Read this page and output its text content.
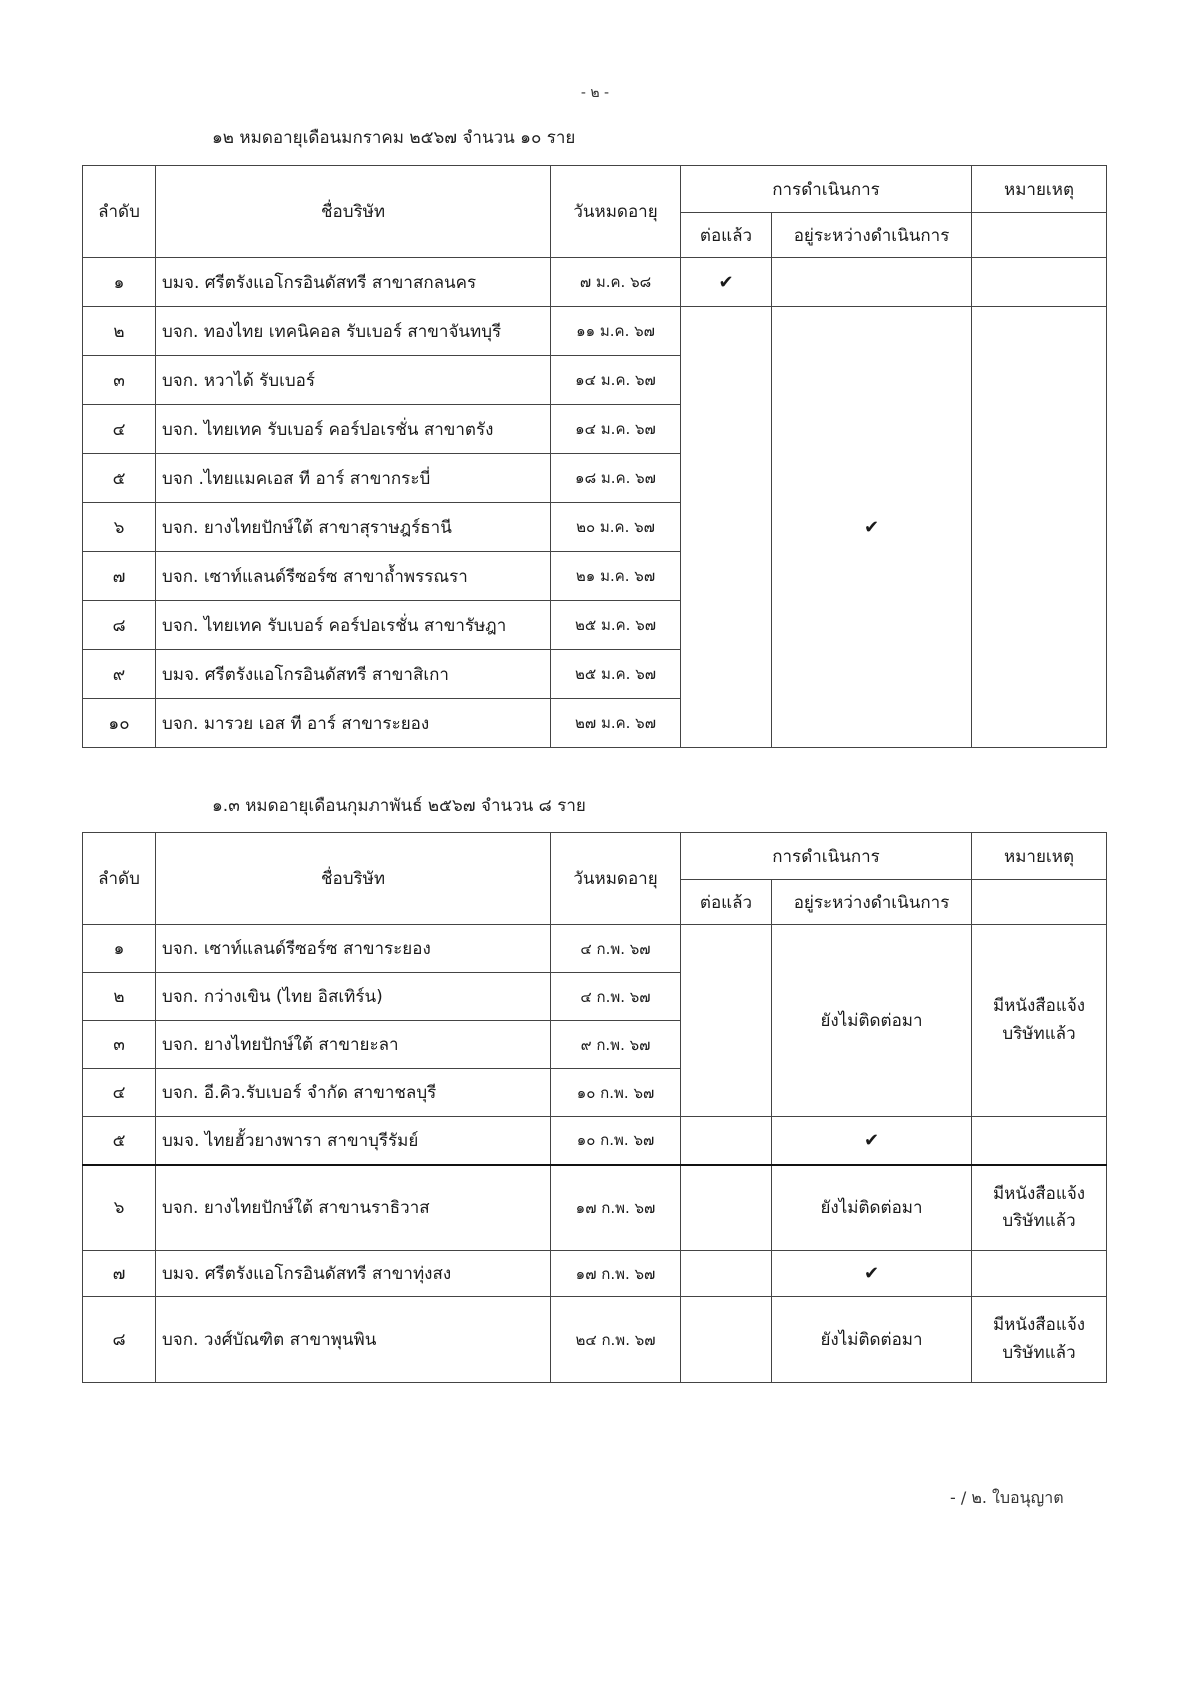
- ๒ -
๑๒ หมดอายุเดือนมกราคม ๒๕๖๗ จำนวน ๑๐ ราย
ลำดับ	ชื่อบริษัท	วันหมดอายุ	การดำเนินการ		หมายเหตุ
			ต่อแล้ว	อยู่ระหว่างดำเนินการ	
๑	บมจ. ศรีตรังแอโกรอินดัสทรี สาขาสกลนคร	๗ ม.ค. ๖๘	✔		
๒	บจก. ทองไทย เทคนิคอล รับเบอร์ สาขาจันทบุรี	๑๑ ม.ค. ๖๗		✔	
๓	บจก. หวาได้ รับเบอร์	๑๔ ม.ค. ๖๗			
๔	บจก. ไทยเทค รับเบอร์ คอร์ปอเรชั่น สาขาตรัง	๑๔ ม.ค. ๖๗			
๕	บจก .ไทยแมคเอส ที อาร์ สาขากระบี่	๑๘ ม.ค. ๖๗			
๖	บจก. ยางไทยปักษ์ใต้ สาขาสุราษฎร์ธานี	๒๐ ม.ค. ๖๗			
๗	บจก. เซาท์แลนด์รีซอร์ซ สาขาถ้ำพรรณรา	๒๑ ม.ค. ๖๗			
๘	บจก. ไทยเทค รับเบอร์ คอร์ปอเรชั่น สาขารัษฎา	๒๕ ม.ค. ๖๗			
๙	บมจ. ศรีตรังแอโกรอินดัสทรี สาขาสิเกา	๒๕ ม.ค. ๖๗			
๑๐	บจก. มารวย เอส ที อาร์ สาขาระยอง	๒๗ ม.ค. ๖๗			
๑.๓ หมดอายุเดือนกุมภาพันธ์ ๒๕๖๗ จำนวน ๘ ราย
ลำดับ	ชื่อบริษัท	วันหมดอายุ	การดำเนินการ		หมายเหตุ
			ต่อแล้ว	อยู่ระหว่างดำเนินการ	
๑	บจก. เซาท์แลนด์รีซอร์ซ สาขาระยอง	๔ ก.พ. ๖๗		ยังไม่ติดต่อมา	มีหนังสือแจ้ง บริษัทแล้ว
๒	บจก. กว่างเขิน (ไทย อิสเทิร์น)	๔ ก.พ. ๖๗			
๓	บจก. ยางไทยปักษ์ใต้ สาขายะลา	๙ ก.พ. ๖๗			
๔	บจก. อี.คิว.รับเบอร์ จำกัด สาขาชลบุรี	๑๐ ก.พ. ๖๗			
๕	บมจ. ไทยฮั้วยางพารา สาขาบุรีรัมย์	๑๐ ก.พ. ๖๗		✔	
๖	บจก. ยางไทยปักษ์ใต้ สาขานราธิวาส	๑๗ ก.พ. ๖๗		ยังไม่ติดต่อมา	มีหนังสือแจ้ง บริษัทแล้ว
๗	บมจ. ศรีตรังแอโกรอินดัสทรี สาขาทุ่งสง	๑๗ ก.พ. ๖๗		✔	
๘	บจก. วงศ์บัณฑิต สาขาพุนพิน	๒๔ ก.พ. ๖๗		ยังไม่ติดต่อมา	มีหนังสือแจ้ง บริษัทแล้ว
- / ๒. ใบอนุญาต
